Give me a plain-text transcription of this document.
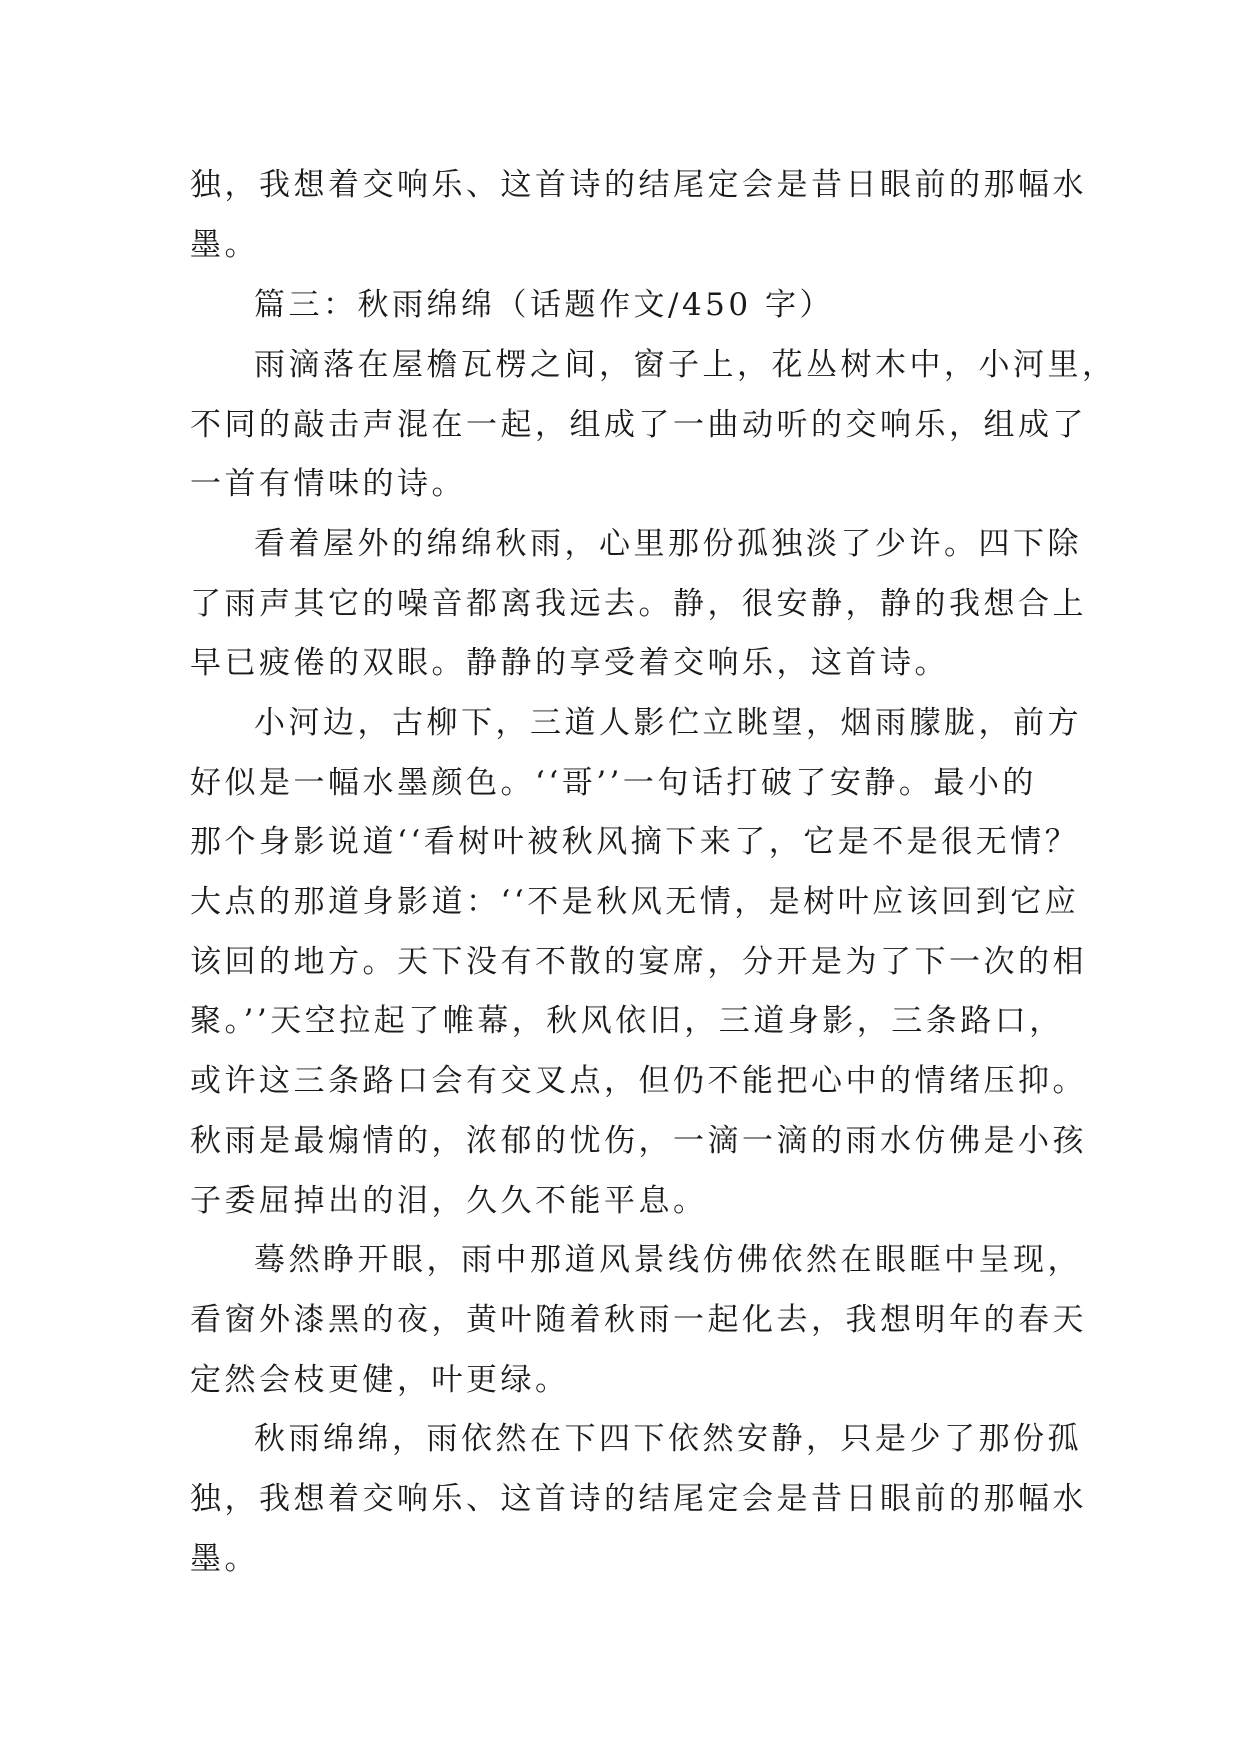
独，我想着交响乐、这首诗的结尾定会是昔日眼前的那幅水
墨。
篇三：秋雨绵绵（话题作文/450 字）
雨滴落在屋檐瓦楞之间，窗子上，花丛树木中，小河里，
不同的敲击声混在一起，组成了一曲动听的交响乐，组成了
一首有情味的诗。
看着屋外的绵绵秋雨，心里那份孤独淡了少许。四下除
了雨声其它的噪音都离我远去。静，很安静，静的我想合上
早已疲倦的双眼。静静的享受着交响乐，这首诗。
小河边，古柳下，三道人影伫立眺望，烟雨朦胧，前方
好似是一幅水墨颜色。‘‘哥’’一句话打破了安静。最小的
那个身影说道‘‘看树叶被秋风摘下来了，它是不是很无情？
大点的那道身影道：‘‘不是秋风无情，是树叶应该回到它应
该回的地方。天下没有不散的宴席，分开是为了下一次的相
聚。’’天空拉起了帷幕，秋风依旧，三道身影，三条路口，
或许这三条路口会有交叉点，但仍不能把心中的情绪压抑。
秋雨是最煽情的，浓郁的忧伤，一滴一滴的雨水仿佛是小孩
子委屈掉出的泪，久久不能平息。
蓦然睁开眼，雨中那道风景线仿佛依然在眼眶中呈现，
看窗外漆黑的夜，黄叶随着秋雨一起化去，我想明年的春天
定然会枝更健，叶更绿。
秋雨绵绵，雨依然在下四下依然安静，只是少了那份孤
独，我想着交响乐、这首诗的结尾定会是昔日眼前的那幅水
墨。
